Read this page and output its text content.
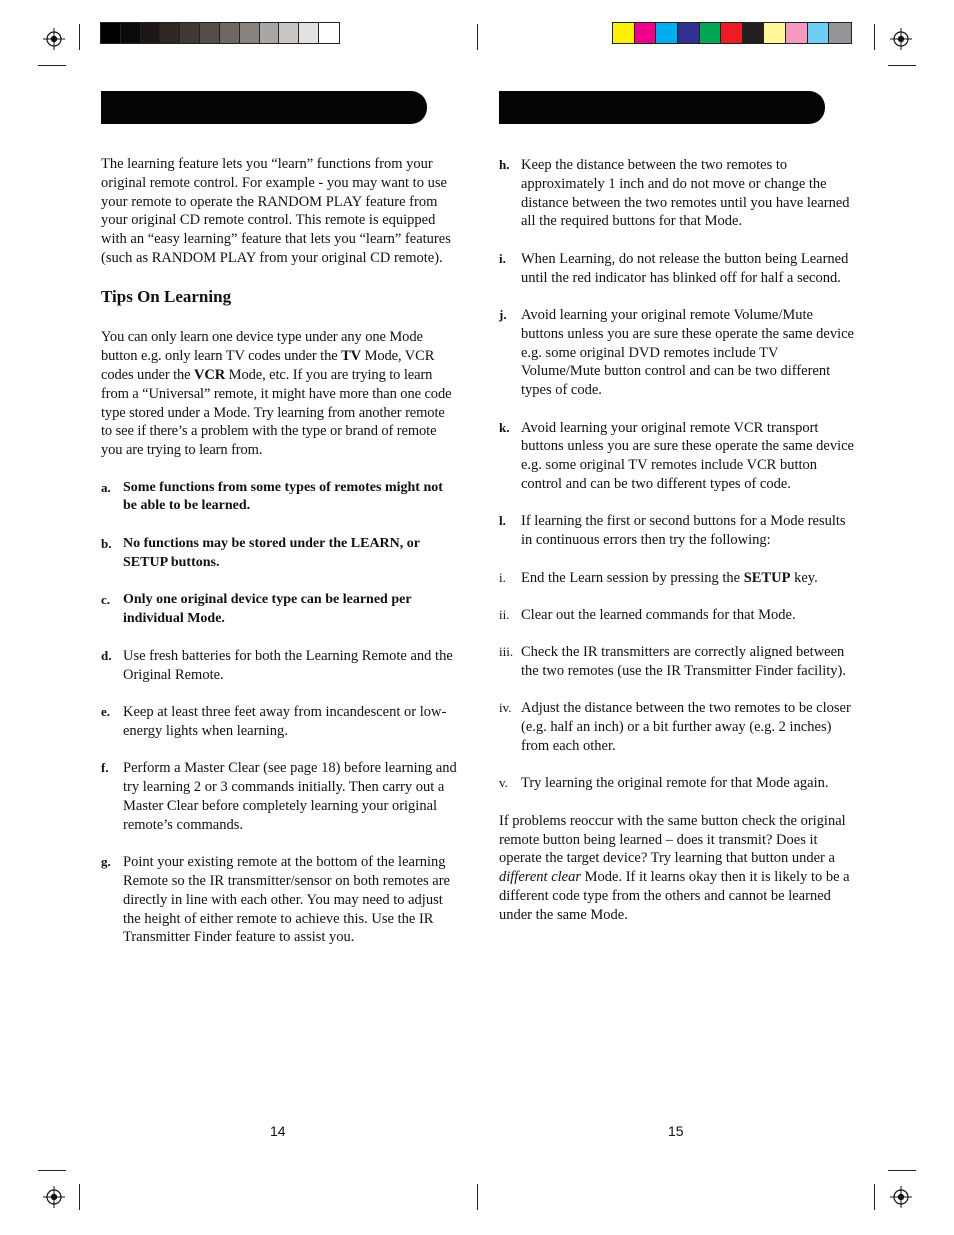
The learning feature lets you “learn” functions from your original remote control. For example - you may want to use your remote to operate the RANDOM PLAY feature from your original CD remote control. This remote is equipped with an “easy learning” feature that lets you “learn” features (such as RANDOM PLAY from your original CD remote).

Tips On Learning

You can only learn one device type under any one Mode button e.g. only learn TV codes under the TV Mode, VCR codes under the VCR Mode, etc. If you are trying to learn from a “Universal” remote, it might have more than one code type stored under a Mode. Try learning from another remote to see if there’s a problem with the type or brand of remote you are trying to learn from.

a. Some functions from some types of remotes might not be able to be learned.
b. No functions may be stored under the LEARN, or SETUP buttons.
c. Only one original device type can be learned per individual Mode.
d. Use fresh batteries for both the Learning Remote and the Original Remote.
e. Keep at least three feet away from incandescent or low-energy lights when learning.
f. Perform a Master Clear (see page 18) before learning and try learning 2 or 3 commands initially. Then carry out a Master Clear before completely learning your original remote’s commands.
g. Point your existing remote at the bottom of the learning Remote so the IR transmitter/sensor on both remotes are directly in line with each other. You may need to adjust the height of either remote to achieve this. Use the IR Transmitter Finder feature to assist you.
h. Keep the distance between the two remotes to approximately 1 inch and do not move or change the distance between the two remotes until you have learned all the required buttons for that Mode.
i.	When Learning, do not release the button being Learned until the red indicator has blinked off for half a second.
j. Avoid learning your original remote Volume/Mute buttons unless you are sure these operate the same device e.g. some original DVD remotes include TV Volume/Mute button control and can be two different types of code.
k. Avoid learning your original remote VCR transport buttons unless you are sure these operate the same device e.g. some original TV remotes include VCR button control and can be two different types of code.
l.	If learning the first or second buttons for a Mode results in continuous errors then try the following:
i.	End the Learn session by pressing the SETUP key.
ii. Clear out the learned commands for that Mode.
iii. Check the IR transmitters are correctly aligned between the two remotes (use the IR Transmitter Finder facility).
iv. Adjust the distance between the two remotes to be closer (e.g. half an inch) or a bit further away (e.g. 2 inches) from each other.
v. Try learning the original remote for that Mode again.

If problems reoccur with the same button check the original remote button being learned – does it transmit? Does it operate the target device? Try learning that button under a different clear Mode. If it learns okay then it is likely to be a different code type from the others and cannot be learned under the same Mode.

14	15
